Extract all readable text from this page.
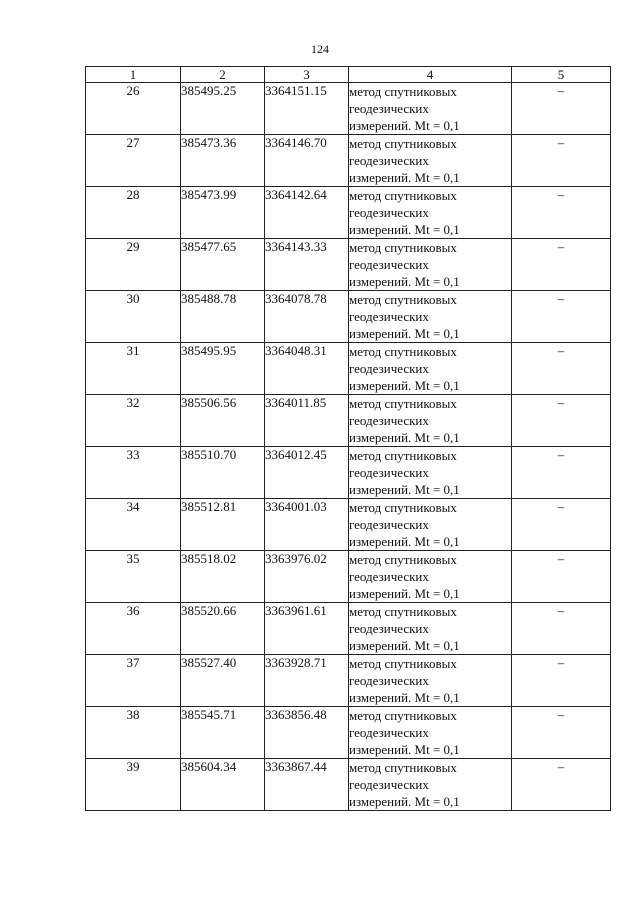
124
1	2	3	4	5
26	385495.25	3364151.15	метод спутниковых
геодезических
измерений. Mt = 0,1	–
27	385473.36	3364146.70	метод спутниковых
геодезических
измерений. Mt = 0,1	–
28	385473.99	3364142.64	метод спутниковых
геодезических
измерений. Mt = 0,1	–
29	385477.65	3364143.33	метод спутниковых
геодезических
измерений. Mt = 0,1	–
30	385488.78	3364078.78	метод спутниковых
геодезических
измерений. Mt = 0,1	–
31	385495.95	3364048.31	метод спутниковых
геодезических
измерений. Mt = 0,1	–
32	385506.56	3364011.85	метод спутниковых
геодезических
измерений. Mt = 0,1	–
33	385510.70	3364012.45	метод спутниковых
геодезических
измерений. Mt = 0,1	–
34	385512.81	3364001.03	метод спутниковых
геодезических
измерений. Mt = 0,1	–
35	385518.02	3363976.02	метод спутниковых
геодезических
измерений. Mt = 0,1	–
36	385520.66	3363961.61	метод спутниковых
геодезических
измерений. Mt = 0,1	–
37	385527.40	3363928.71	метод спутниковых
геодезических
измерений. Mt = 0,1	–
38	385545.71	3363856.48	метод спутниковых
геодезических
измерений. Mt = 0,1	–
39	385604.34	3363867.44	метод спутниковых
геодезических
измерений. Mt = 0,1	–
